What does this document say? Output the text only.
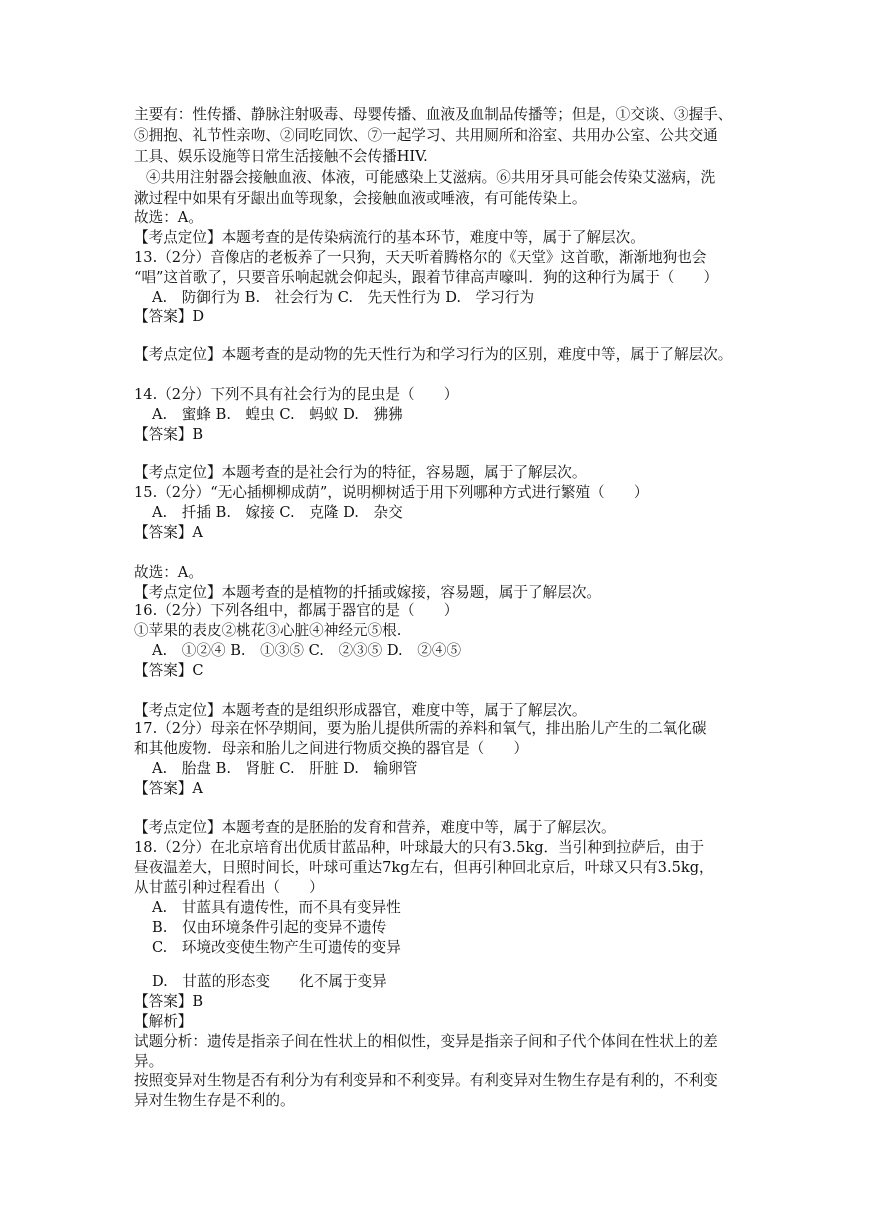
主要有：性传播、静脉注射吸毒、母婴传播、血液及血制品传播等；但是，①交谈、③握手、
⑤拥抱、礼节性亲吻、②同吃同饮、⑦一起学习、共用厕所和浴室、共用办公室、公共交通
工具、娱乐设施等日常生活接触不会传播HIV.
④共用注射器会接触血液、体液，可能感染上艾滋病。⑥共用牙具可能会传染艾滋病，洗
漱过程中如果有牙龈出血等现象，会接触血液或唾液，有可能传染上。
故选：A。
【考点定位】本题考查的是传染病流行的基本环节，难度中等，属于了解层次。
13.（2分）音像店的老板养了一只狗，天天听着腾格尔的《天堂》这首歌，渐渐地狗也会
“唱”这首歌了，只要音乐响起就会仰起头，跟着节律高声嚎叫．狗的这种行为属于（　　）
A.　防御行为 B.　社会行为 C.　先天性行为 D.　学习行为
【答案】D
【考点定位】本题考查的是动物的先天性行为和学习行为的区别，难度中等，属于了解层次。
14.（2分）下列不具有社会行为的昆虫是（　　）
A.　蜜蜂 B.　蝗虫 C.　蚂蚁 D.　狒狒
【答案】B
【考点定位】本题考查的是社会行为的特征，容易题，属于了解层次。
15.（2分）“无心插柳柳成荫”，说明柳树适于用下列哪种方式进行繁殖（　　）
A.　扦插 B.　嫁接 C.　克隆 D.　杂交
【答案】A
故选：A。
【考点定位】本题考查的是植物的扦插或嫁接，容易题，属于了解层次。
16.（2分）下列各组中，都属于器官的是（　　）
①苹果的表皮②桃花③心脏④神经元⑤根.
A.　①②④ B.　①③⑤ C.　②③⑤ D.　②④⑤
【答案】C
【考点定位】本题考查的是组织形成器官，难度中等，属于了解层次。
17.（2分）母亲在怀孕期间，要为胎儿提供所需的养料和氧气，排出胎儿产生的二氧化碳
和其他废物．母亲和胎儿之间进行物质交换的器官是（　　）
A.　胎盘 B.　肾脏 C.　肝脏 D.　输卵管
【答案】A
【考点定位】本题考查的是胚胎的发育和营养，难度中等，属于了解层次。
18.（2分）在北京培育出优质甘蓝品种，叶球最大的只有3.5kg．当引种到拉萨后，由于
昼夜温差大，日照时间长，叶球可重达7kg左右，但再引种回北京后，叶球又只有3.5kg，
从甘蓝引种过程看出（　　）
A.　甘蓝具有遗传性，而不具有变异性
B.　仅由环境条件引起的变异不遗传
C.　环境改变使生物产生可遗传的变异
D.　甘蓝的形态变　　化不属于变异
【答案】B
【解析】
试题分析：遗传是指亲子间在性状上的相似性，变异是指亲子间和子代个体间在性状上的差
异。
按照变异对生物是否有利分为有利变异和不利变异。有利变异对生物生存是有利的，不利变
异对生物生存是不利的。
